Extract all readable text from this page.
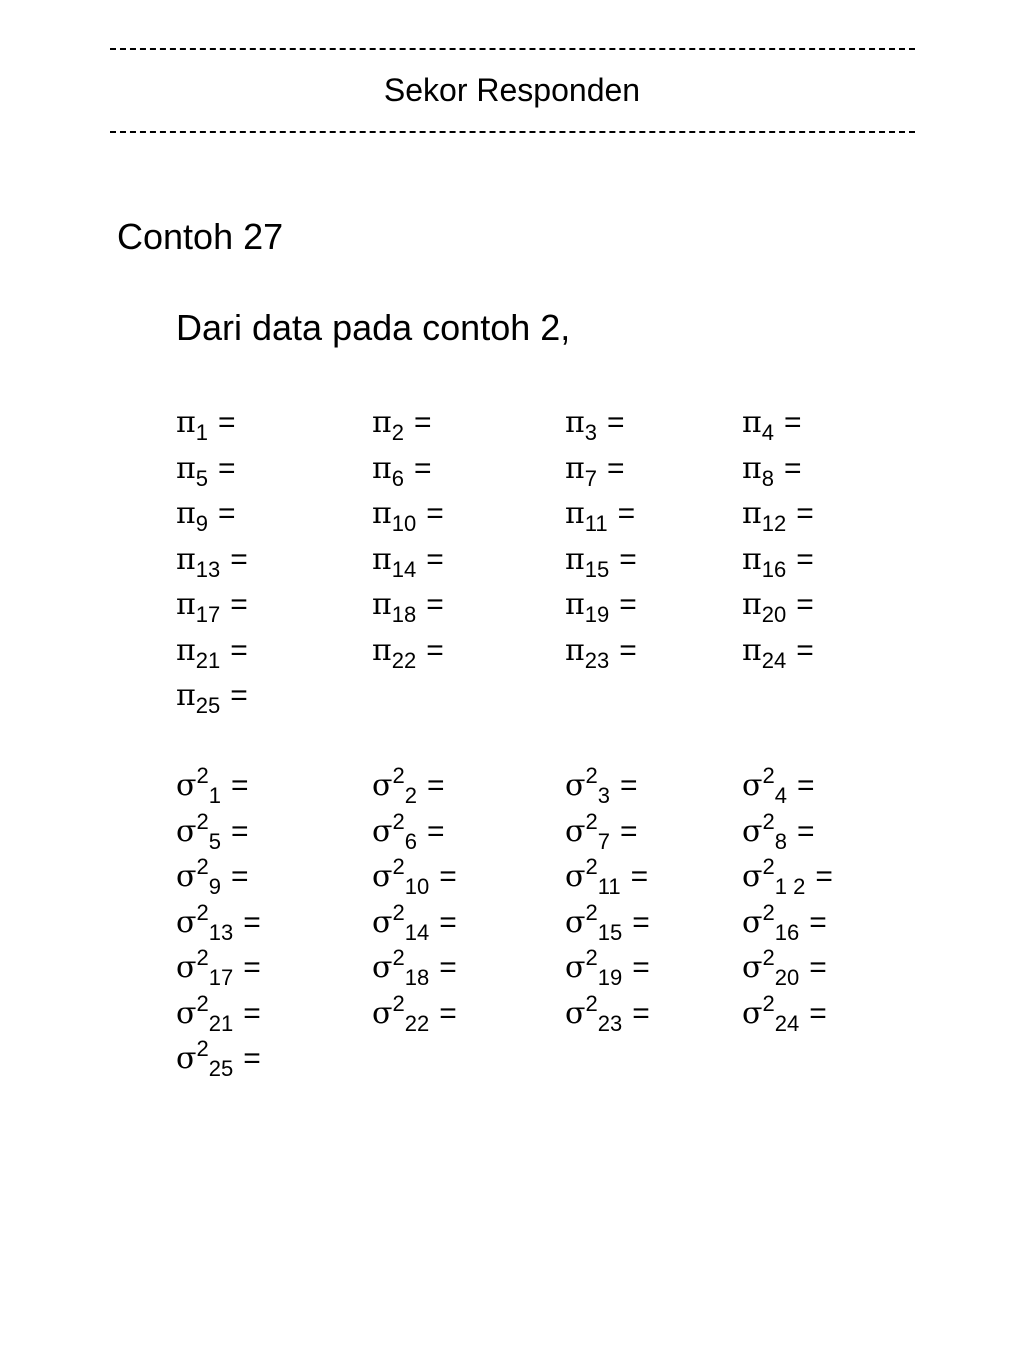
Sekor Responden
Contoh 27
Dari data pada contoh 2,
$\pi_1$ =	$\pi_2$ =	$\pi_3$ =	$\pi_4$ =
$\pi_5$ =	$\pi_6$ =	$\pi_7$ =	$\pi_8$ =
$\pi_9$ =	$\pi_{10}$ =	$\pi_{11}$ =	$\pi_{12}$ =
$\pi_{13}$ =	$\pi_{14}$ =	$\pi_{15}$ =	$\pi_{16}$ =
$\pi_{17}$ =	$\pi_{18}$ =	$\pi_{19}$ =	$\pi_{20}$ =
$\pi_{21}$ =	$\pi_{22}$ =	$\pi_{23}$ =	$\pi_{24}$ =
$\pi_{25}$ =
$\sigma^2_1$ =	$\sigma^2_2$ =	$\sigma^2_3$ =	$\sigma^2_4$ =
$\sigma^2_5$ =	$\sigma^2_6$ =	$\sigma^2_7$ =	$\sigma^2_8$ =
$\sigma^2_9$ =	$\sigma^2_{10}$ =	$\sigma^2_{11}$ =	$\sigma^2_{1 2}$ =
$\sigma^2_{13}$ =	$\sigma^2_{14}$ =	$\sigma^2_{15}$ =	$\sigma^2_{16}$ =
$\sigma^2_{17}$ =	$\sigma^2_{18}$ =	$\sigma^2_{19}$ =	$\sigma^2_{20}$ =
$\sigma^2_{21}$ =	$\sigma^2_{22}$ =	$\sigma^2_{23}$ =	$\sigma^2_{24}$ =
$\sigma^2_{25}$ =
